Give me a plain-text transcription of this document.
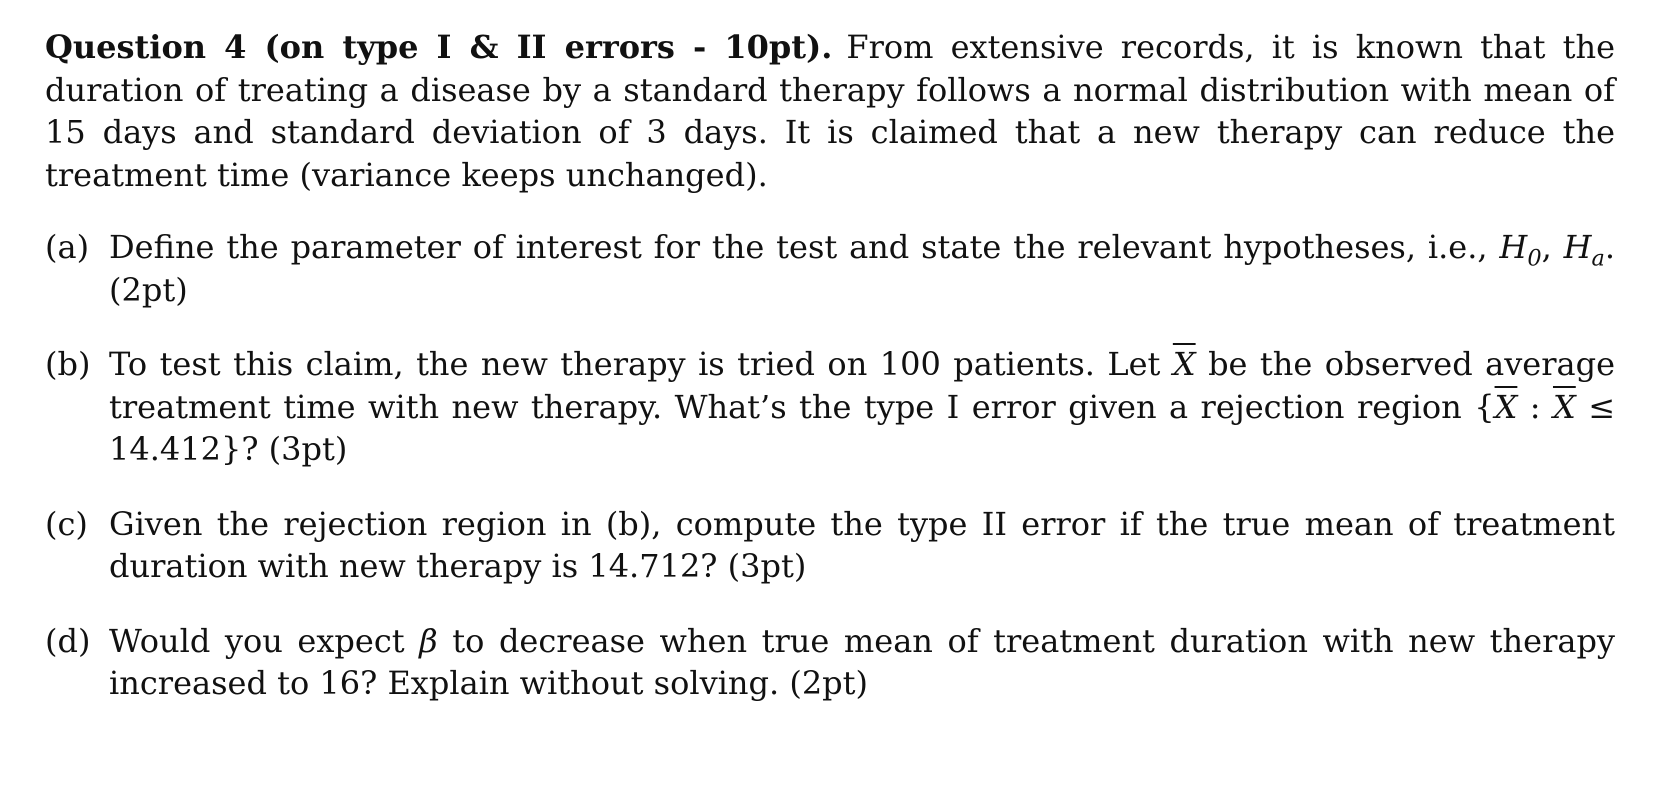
Question 4 (on type I & II errors - 10pt). From extensive records, it is known that the duration of treating a disease by a standard therapy follows a normal distribution with mean of 15 days and standard deviation of 3 days. It is claimed that a new therapy can reduce the treatment time (variance keeps unchanged).

(a) Define the parameter of interest for the test and state the relevant hypotheses, i.e., $H_0$, $H_a$. (2pt)
(b) To test this claim, the new therapy is tried on 100 patients. Let $\overline{X}$ be the observed average treatment time with new therapy. What’s the type I error given a rejection region {$\overline{X}$ : $\overline{X} \le 14.412$}? (3pt)
(c) Given the rejection region in (b), compute the type II error if the true mean of treatment duration with new therapy is 14.712? (3pt)
(d) Would you expect β to decrease when true mean of treatment duration with new therapy increased to 16? Explain without solving. (2pt)
